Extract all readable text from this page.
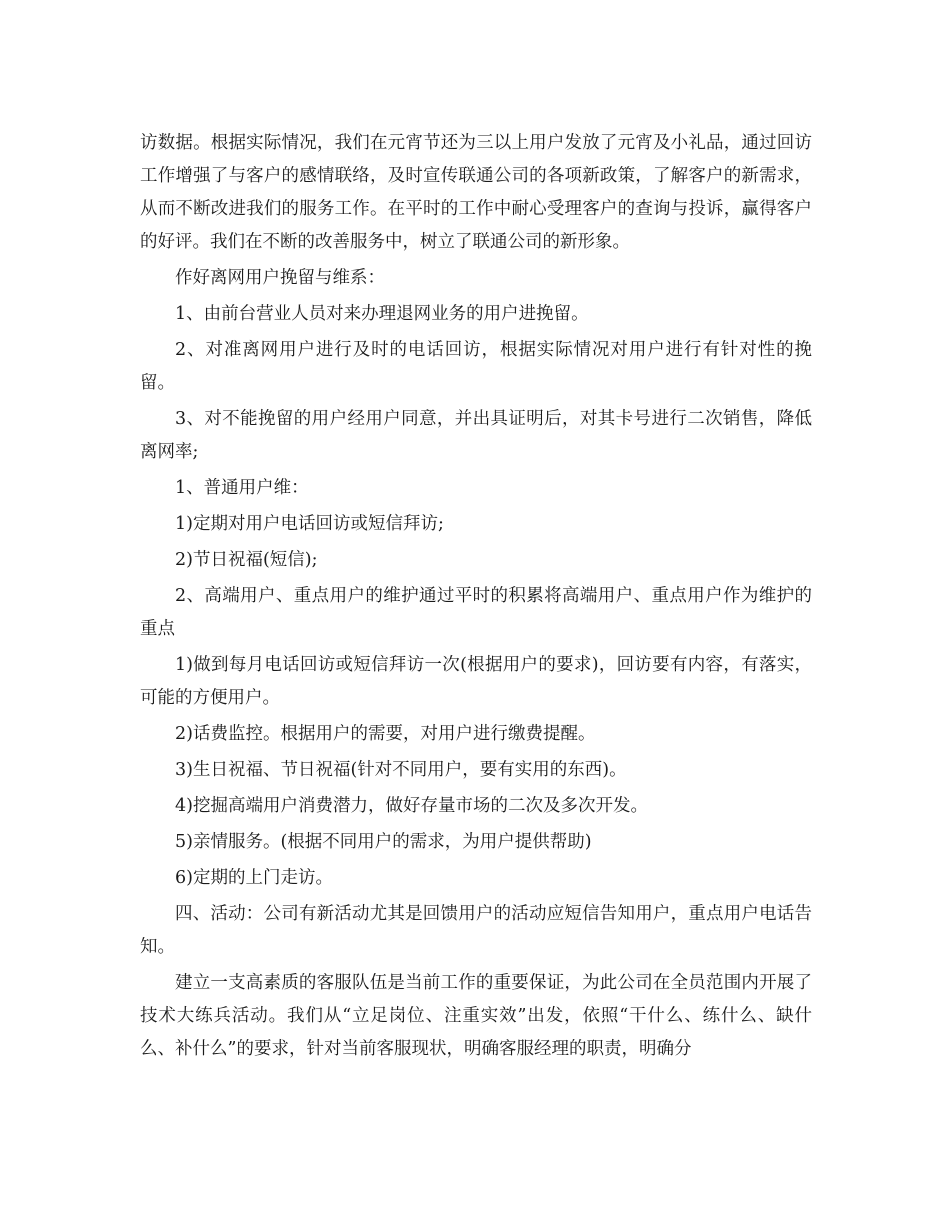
访数据。根据实际情况，我们在元宵节还为三以上用户发放了元宵及小礼品，通过回访工作增强了与客户的感情联络，及时宣传联通公司的各项新政策，了解客户的新需求，从而不断改进我们的服务工作。在平时的工作中耐心受理客户的查询与投诉，赢得客户的好评。我们在不断的改善服务中，树立了联通公司的新形象。

作好离网用户挽留与维系：

1、由前台营业人员对来办理退网业务的用户进挽留。

2、对准离网用户进行及时的电话回访，根据实际情况对用户进行有针对性的挽留。

3、对不能挽留的用户经用户同意，并出具证明后，对其卡号进行二次销售，降低离网率;

1、普通用户维：

1)定期对用户电话回访或短信拜访;

2)节日祝福(短信);

2、高端用户、重点用户的维护通过平时的积累将高端用户、重点用户作为维护的重点

1)做到每月电话回访或短信拜访一次(根据用户的要求)，回访要有内容，有落实，可能的方便用户。

2)话费监控。根据用户的需要，对用户进行缴费提醒。

3)生日祝福、节日祝福(针对不同用户，要有实用的东西)。

4)挖掘高端用户消费潜力，做好存量市场的二次及多次开发。

5)亲情服务。(根据不同用户的需求，为用户提供帮助)

6)定期的上门走访。

四、活动：公司有新活动尤其是回馈用户的活动应短信告知用户，重点用户电话告知。

建立一支高素质的客服队伍是当前工作的重要保证，为此公司在全员范围内开展了技术大练兵活动。我们从“立足岗位、注重实效”出发，依照“干什么、练什么、缺什么、补什么”的要求，针对当前客服现状，明确客服经理的职责，明确分
